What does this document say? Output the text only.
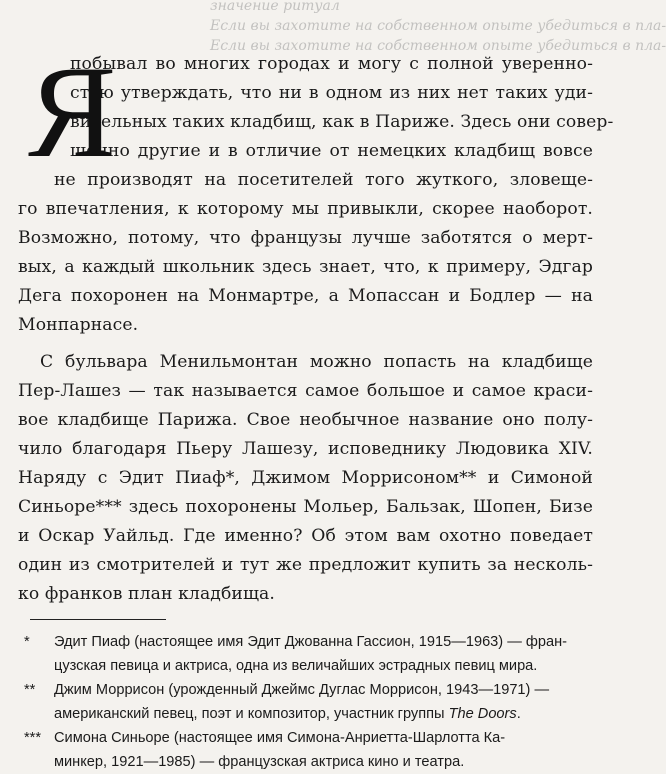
значение ритуал
Если вы захотите на собственном опыте убедиться в пла-
Если вы захотите на собственном опыте убедиться в пла-
Я
побывал во многих городах и могу с полной уверенно-
стью утверждать, что ни в одном из них нет таких уди-
вительных таких кладбищ, как в Париже. Здесь они совер-
шенно другие и в отличие от немецких кладбищ вовсе
не производят на посетителей того жуткого, зловеще-
го впечатления, к которому мы привыкли, скорее наоборот.
Возможно, потому, что французы лучше заботятся о мерт-
вых, а каждый школьник здесь знает, что, к примеру, Эдгар
Дега похоронен на Монмартре, а Мопассан и Бодлер — на
Монпарнасе.
С бульвара Менильмонтан можно попасть на кладбище
Пер-Лашез — так называется самое большое и самое краси-
вое кладбище Парижа. Свое необычное название оно полу-
чило благодаря Пьеру Лашезу, исповеднику Людовика XIV.
Наряду с Эдит Пиаф*, Джимом Моррисоном** и Симоной
Синьоре*** здесь похоронены Мольер, Бальзак, Шопен, Бизе
и Оскар Уайльд. Где именно? Об этом вам охотно поведает
один из смотрителей и тут же предложит купить за несколь-
ко франков план кладбища.
* Эдит Пиаф (настоящее имя Эдит Джованна Гассион, 1915—1963) — фран-
цузская певица и актриса, одна из величайших эстрадных певиц мира.
** Джим Моррисон (урожденный Джеймс Дуглас Моррисон, 1943—1971) —
американский певец, поэт и композитор, участник группы The Doors.
*** Симона Синьоре (настоящее имя Симона-Анриетта-Шарлотта Ка-
минкер, 1921—1985) — французская актриса кино и театра.
